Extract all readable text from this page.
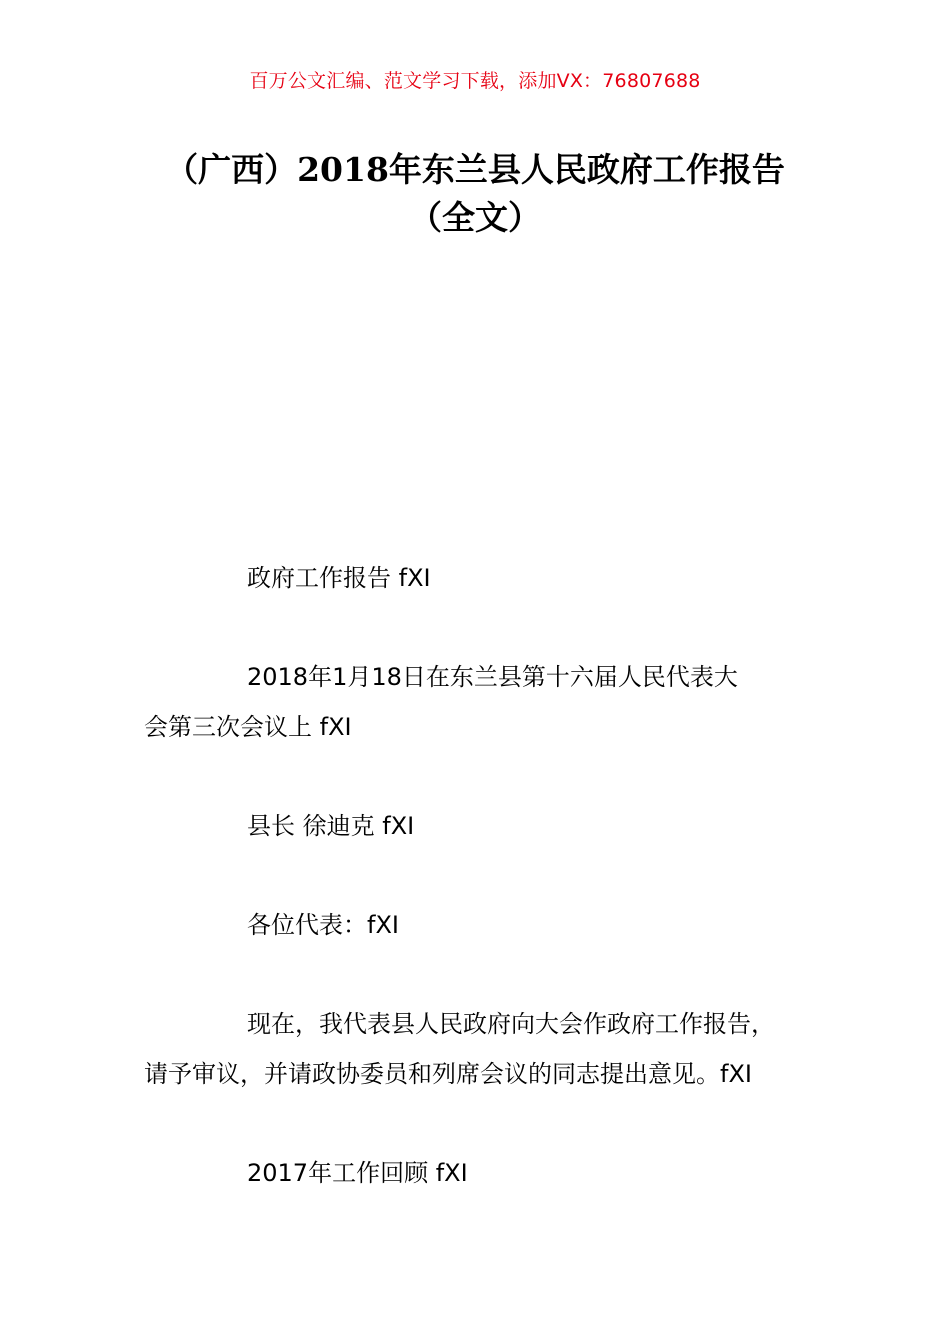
百万公文汇编、范文学习下载，添加VX：76807688
（广西）2018年东兰县人民政府工作报告
（全文）

政府工作报告 fXI

2018年1月18日在东兰县第十六届人民代表大
会第三次会议上 fXI

县长 徐迪克 fXI

各位代表：fXI

现在，我代表县人民政府向大会作政府工作报告，
请予审议，并请政协委员和列席会议的同志提出意见。fXI

2017年工作回顾 fXI
